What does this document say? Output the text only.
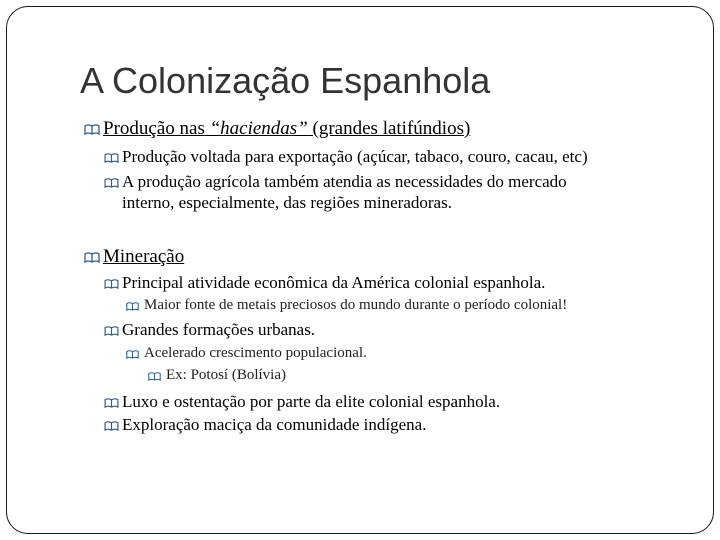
A Colonização Espanhola
Produção nas “haciendas” (grandes latifúndios)
Produção voltada para exportação (açúcar, tabaco, couro, cacau, etc)
A produção agrícola também atendia as necessidades do mercado
interno, especialmente, das regiões mineradoras.
Mineração
Principal atividade econômica da América colonial espanhola.
Maior fonte de metais preciosos do mundo durante o período colonial!
Grandes formações urbanas.
Acelerado crescimento populacional.
Ex: Potosí (Bolívia)
Luxo e ostentação por parte da elite colonial espanhola.
Exploração maciça da comunidade indígena.
